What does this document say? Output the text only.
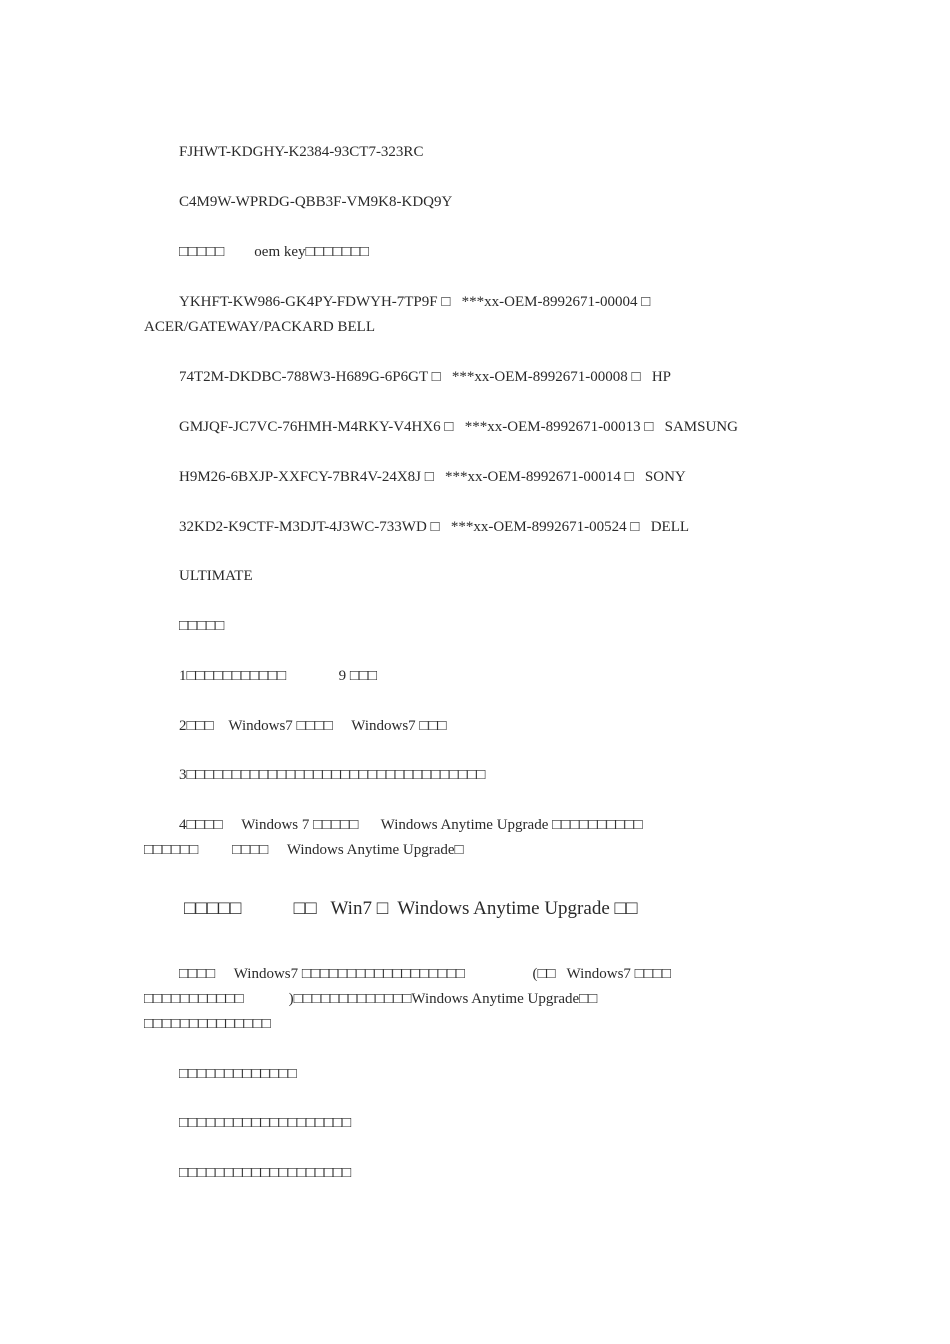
FJHWT-KDGHY-K2384-93CT7-323RC

C4M9W-WPRDG-QBB3F-VM9K8-KDQ9Y

□□□□□        oem key□□□□□□□

YKHFT-KW986-GK4PY-FDWYH-7TP9F □   ***xx-OEM-8992671-00004 □

ACER/GATEWAY/PACKARD BELL

74T2M-DKDBC-788W3-H689G-6P6GT □   ***xx-OEM-8992671-00008 □   HP

GMJQF-JC7VC-76HMH-M4RKY-V4HX6 □   ***xx-OEM-8992671-00013 □   SAMSUNG

H9M26-6BXJP-XXFCY-7BR4V-24X8J □   ***xx-OEM-8992671-00014 □   SONY

32KD2-K9CTF-M3DJT-4J3WC-733WD □   ***xx-OEM-8992671-00524 □   DELL

ULTIMATE

□□□□□

1□□□□□□□□□□□              9 □□□

2□□□    Windows7 □□□□     Windows7 □□□

3□□□□□□□□□□□□□□□□□□□□□□□□□□□□□□□□□

4□□□□     Windows 7 □□□□□      Windows Anytime Upgrade □□□□□□□□□□

□□□□□□         □□□□     Windows Anytime Upgrade□

□□□□□           □□   Win7 □  Windows Anytime Upgrade □□

□□□□     Windows7 □□□□□□□□□□□□□□□□□□                  (□□   Windows7 □□□□

□□□□□□□□□□□            )□□□□□□□□□□□□□Windows Anytime Upgrade□□

□□□□□□□□□□□□□□

□□□□□□□□□□□□□

□□□□□□□□□□□□□□□□□□□

□□□□□□□□□□□□□□□□□□□
